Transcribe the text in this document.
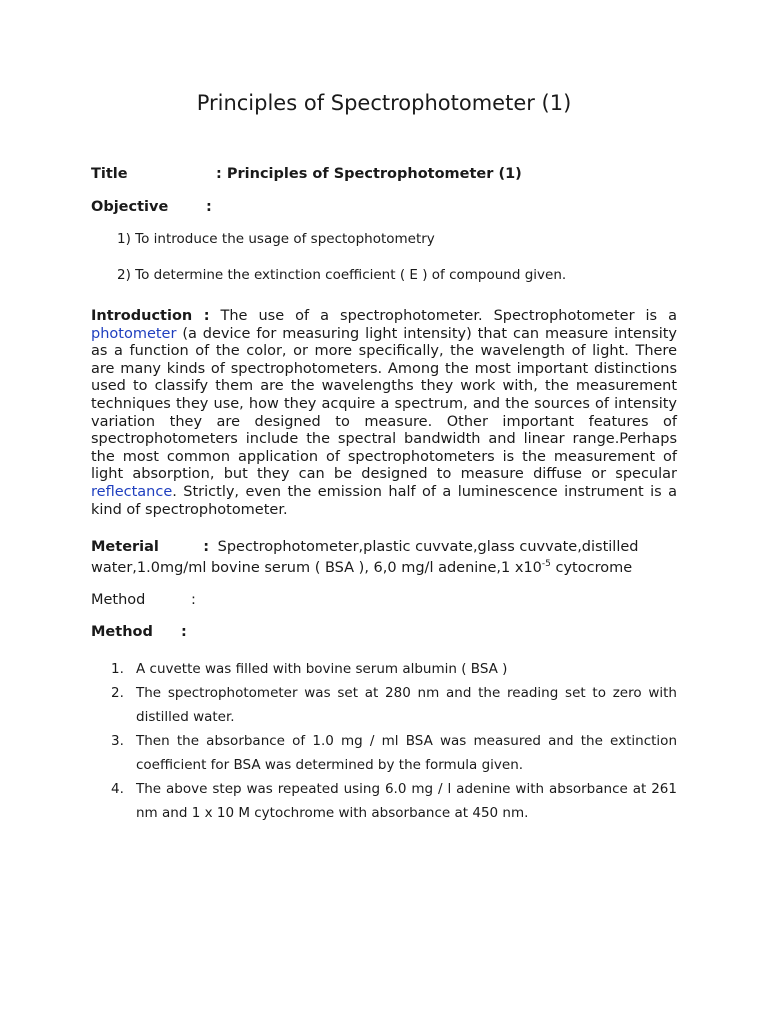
Principles of Spectrophotometer (1)
Title	: Principles of Spectrophotometer (1)
Objective	:
1) To introduce the usage of spectophotometry
2) To determine the extinction coefficient ( E ) of compound given.
Introduction : The use of a spectrophotometer. Spectrophotometer is a photometer (a device for measuring light intensity) that can measure intensity as a function of the color, or more specifically, the wavelength of light. There are many kinds of spectrophotometers. Among the most important distinctions used to classify them are the wavelengths they work with, the measurement techniques they use, how they acquire a spectrum, and the sources of intensity variation they are designed to measure. Other important features of spectrophotometers include the spectral bandwidth and linear range.Perhaps the most common application of spectrophotometers is the measurement of light absorption, but they can be designed to measure diffuse or specular reflectance. Strictly, even the emission half of a luminescence instrument is a kind of spectrophotometer.
Meterial	: Spectrophotometer,plastic cuvvate,glass cuvvate,distilled water,1.0mg/ml bovine serum ( BSA ), 6,0 mg/l adenine,1 $x10^{-5}$ cytocrome
Method	:
Method :
1. A cuvette was filled with bovine serum albumin ( BSA )
2. The spectrophotometer was set at 280 nm and the reading set to zero with distilled water.
3. Then the absorbance of 1.0 mg / ml BSA was measured and the extinction coefficient for BSA was determined by the formula given.
4. The above step was repeated using 6.0 mg / l adenine with absorbance at 261 nm and 1 x 10 M cytochrome with absorbance at 450 nm.
